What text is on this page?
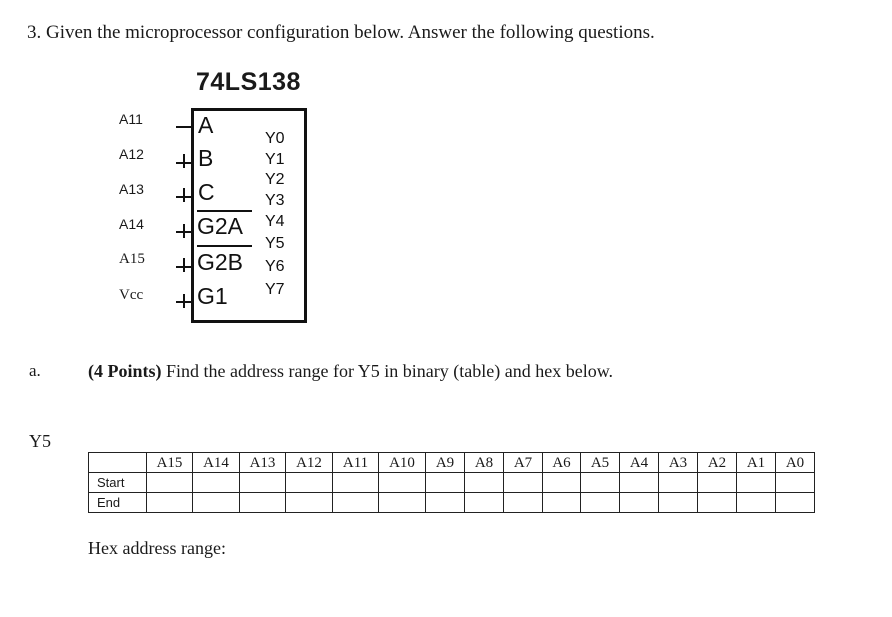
3. Given the microprocessor configuration below. Answer the following questions.
74LS138
A11
A12
A13
A14
A15
Vcc
A
B
C
G2A
G2B
G1
Y0
Y1
Y2
Y3
Y4
Y5
Y6
Y7
a.	(4 Points) Find the address range for Y5 in binary (table) and hex below.
Y5
	A15	A14	A13	A12	A11	A10	A9	A8	A7	A6	A5	A4	A3	A2	A1	A0
Start																
End																
Hex address range:
